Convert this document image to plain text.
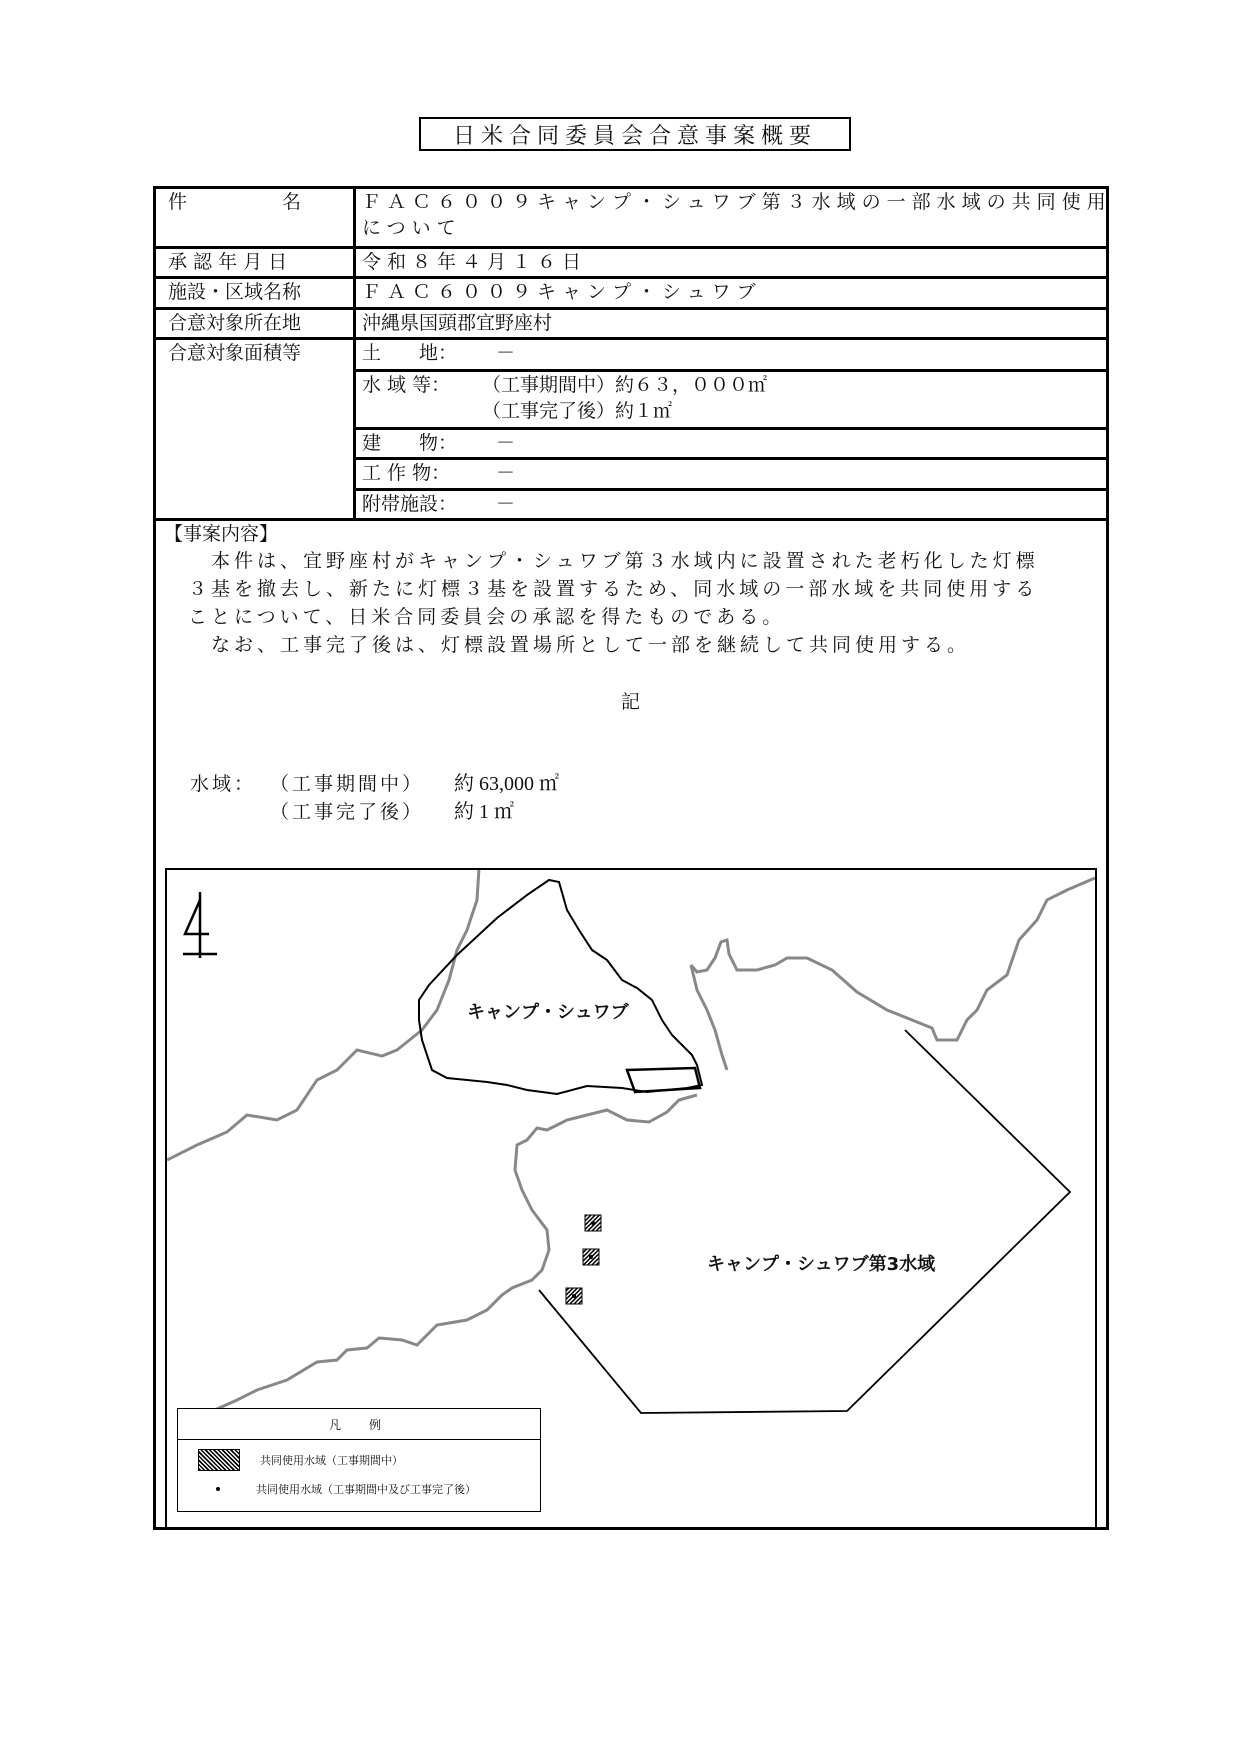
日米合同委員会合意事案概要
件　　　　　名	ＦＡＣ６００９キャンプ・シュワブ第３水域の一部水域の共同使用
について
承 認 年 月 日	令和８年４月１６日
施設・区域名称	ＦＡＣ６００９キャンプ・シュワブ
合意対象所在地	沖縄県国頭郡宜野座村
合意対象面積等	土　　地： －
水 域 等： （工事期間中）約６３，０００㎡
（工事完了後）約１㎡
建　　物： －
工 作 物： －
附帯施設： －
【事案内容】
　本件は、宜野座村がキャンプ・シュワブ第３水域内に設置された老朽化した灯標
３基を撤去し、新たに灯標３基を設置するため、同水域の一部水域を共同使用する
ことについて、日米合同委員会の承認を得たものである。
　なお、工事完了後は、灯標設置場所として一部を継続して共同使用する。
記
水域： （工事期間中） 約 63,000 ㎡
（工事完了後） 約 1 ㎡
キャンプ・シュワブ
キャンプ・シュワブ第3水域
凡　例
共同使用水域（工事期間中）
共同使用水域（工事期間中及び工事完了後）
